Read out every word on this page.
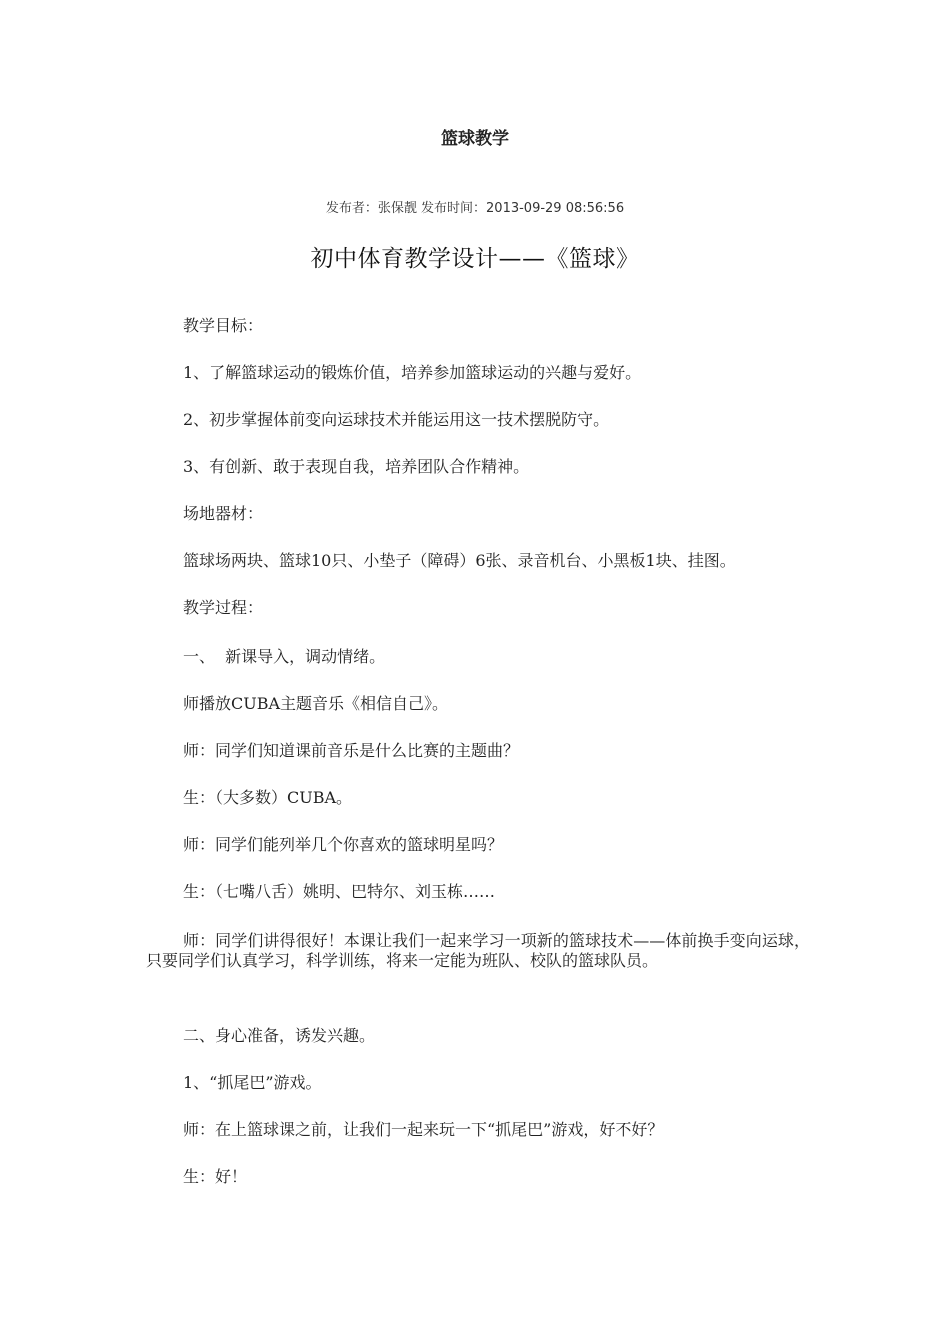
篮球教学
发布者：张保靓 发布时间：2013-09-29 08:56:56
初中体育教学设计——《篮球》
教学目标：
1、了解篮球运动的锻炼价值，培养参加篮球运动的兴趣与爱好。
2、初步掌握体前变向运球技术并能运用这一技术摆脱防守。
3、有创新、敢于表现自我，培养团队合作精神。
场地器材：
篮球场两块、篮球10只、小垫子（障碍）6张、录音机台、小黑板1块、挂图。
教学过程：
一、  新课导入，调动情绪。
师播放CUBA主题音乐《相信自己》。
师：同学们知道课前音乐是什么比赛的主题曲？
生：（大多数）CUBA。
师：同学们能列举几个你喜欢的篮球明星吗？
生：（七嘴八舌）姚明、巴特尔、刘玉栋……
师：同学们讲得很好！本课让我们一起来学习一项新的篮球技术——体前换手变向运球，只要同学们认真学习，科学训练，将来一定能为班队、校队的篮球队员。
二、身心准备，诱发兴趣。
1、“抓尾巴”游戏。
师：在上篮球课之前，让我们一起来玩一下“抓尾巴”游戏，好不好？
生：好！
